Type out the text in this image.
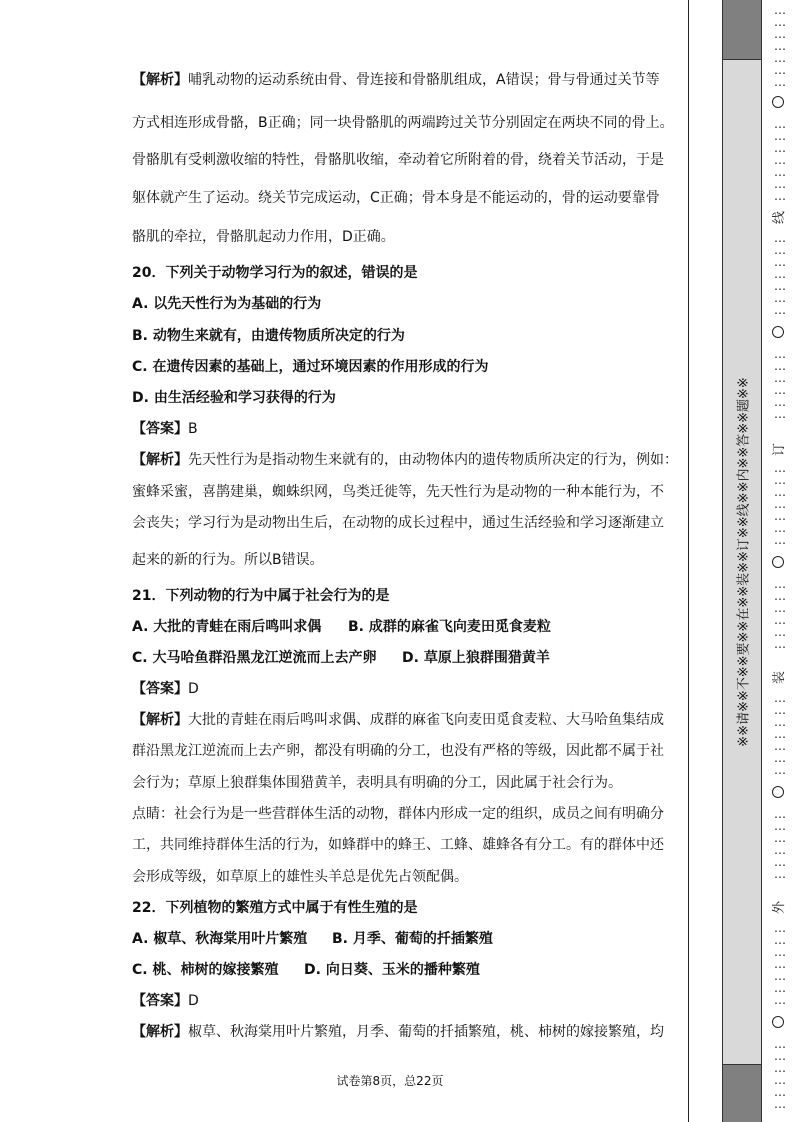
【解析】哺乳动物的运动系统由骨、骨连接和骨骼肌组成，A错误；骨与骨通过关节等
方式相连形成骨骼，B正确；同一块骨骼肌的两端跨过关节分别固定在两块不同的骨上。
骨骼肌有受刺激收缩的特性，骨骼肌收缩，牵动着它所附着的骨，绕着关节活动，于是
躯体就产生了运动。绕关节完成运动，C正确；骨本身是不能运动的，骨的运动要靠骨
骼肌的牵拉，骨骼肌起动力作用，D正确。
20．下列关于动物学习行为的叙述，错误的是
A. 以先天性行为为基础的行为
B. 动物生来就有，由遗传物质所决定的行为
C. 在遗传因素的基础上，通过环境因素的作用形成的行为
D. 由生活经验和学习获得的行为
【答案】B
【解析】先天性行为是指动物生来就有的，由动物体内的遗传物质所决定的行为，例如：
蜜蜂采蜜，喜鹊建巢，蜘蛛织网，鸟类迁徙等，先天性行为是动物的一种本能行为，不
会丧失；学习行为是动物出生后，在动物的成长过程中，通过生活经验和学习逐渐建立
起来的新的行为。所以B错误。
21．下列动物的行为中属于社会行为的是
A. 大批的青蛙在雨后鸣叫求偶 B. 成群的麻雀飞向麦田觅食麦粒
C. 大马哈鱼群沿黑龙江逆流而上去产卵 D. 草原上狼群围猎黄羊
【答案】D
【解析】大批的青蛙在雨后鸣叫求偶、成群的麻雀飞向麦田觅食麦粒、大马哈鱼集结成
群沿黑龙江逆流而上去产卵，都没有明确的分工，也没有严格的等级，因此都不属于社
会行为；草原上狼群集体围猎黄羊，表明具有明确的分工，因此属于社会行为。
点睛：社会行为是一些营群体生活的动物，群体内形成一定的组织，成员之间有明确分
工，共同维持群体生活的行为，如蜂群中的蜂王、工蜂、雄蜂各有分工。有的群体中还
会形成等级，如草原上的雄性头羊总是优先占领配偶。
22．下列植物的繁殖方式中属于有性生殖的是
A. 椒草、秋海棠用叶片繁殖 B. 月季、葡萄的扦插繁殖
C. 桃、柿树的嫁接繁殖 D. 向日葵、玉米的播种繁殖
【答案】D
【解析】椒草、秋海棠用叶片繁殖，月季、葡萄的扦插繁殖，桃、柿树的嫁接繁殖，均
试卷第8页，总22页
※※请※※不※※要※※在※※装※※订※※线※※内※※答※※题※※
…
…
…
…
…
…
…
…
…
…
…
…
…
…
线
…
…
…
…
…
…
…
…
…
…
…
…
…
订
…
…
…
…
…
…
…
…
…
…
…
…
…
装
…
…
…
…
…
…
…
…
…
…
…
…
…
外
…
…
…
…
…
…
…
…
…
…
…
…
…
